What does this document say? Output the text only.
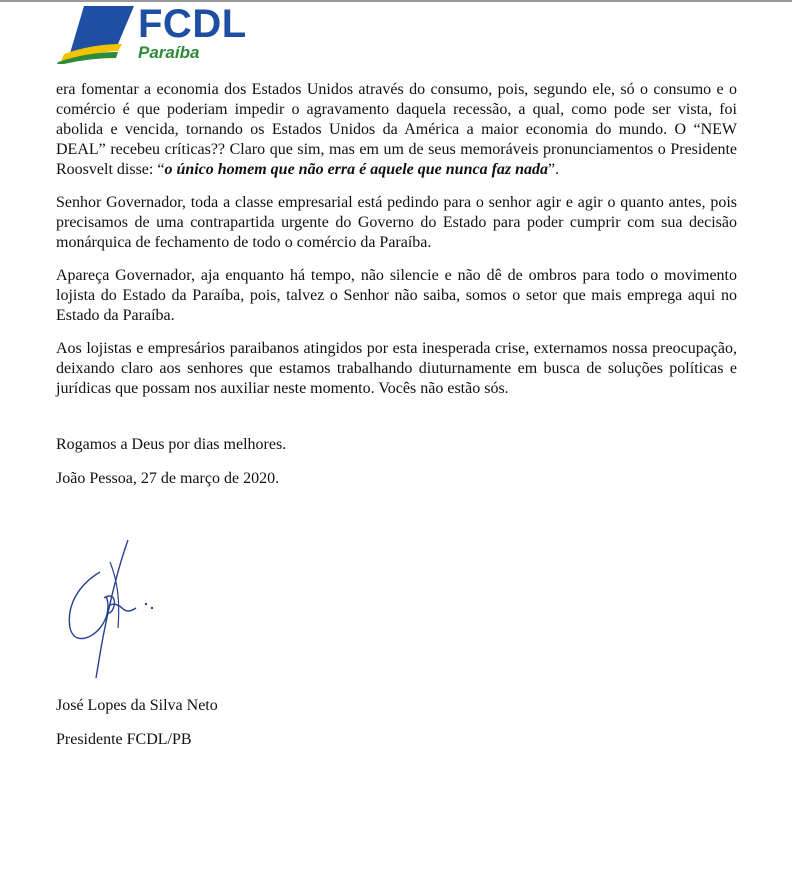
FCDL
Paraíba

era fomentar a economia dos Estados Unidos através do consumo, pois, segundo ele, só o consumo e o comércio é que poderiam impedir o agravamento daquela recessão, a qual, como pode ser vista, foi abolida e vencida, tornando os Estados Unidos da América a maior economia do mundo. O “NEW DEAL” recebeu críticas?? Claro que sim, mas em um de seus memoráveis pronunciamentos o Presidente Roosvelt disse: “o único homem que não erra é aquele que nunca faz nada”.

Senhor Governador, toda a classe empresarial está pedindo para o senhor agir e agir o quanto antes, pois precisamos de uma contrapartida urgente do Governo do Estado para poder cumprir com sua decisão monárquica de fechamento de todo o comércio da Paraíba.

Apareça Governador, aja enquanto há tempo, não silencie e não dê de ombros para todo o movimento lojista do Estado da Paraíba, pois, talvez o Senhor não saiba, somos o setor que mais emprega aqui no Estado da Paraíba.

Aos lojistas e empresários paraibanos atingidos por esta inesperada crise, externamos nossa preocupação, deixando claro aos senhores que estamos trabalhando diuturnamente em busca de soluções políticas e jurídicas que possam nos auxiliar neste momento. Vocês não estão sós.

Rogamos a Deus por dias melhores.
João Pessoa, 27 de março de 2020.
José Lopes da Silva Neto
Presidente FCDL/PB
